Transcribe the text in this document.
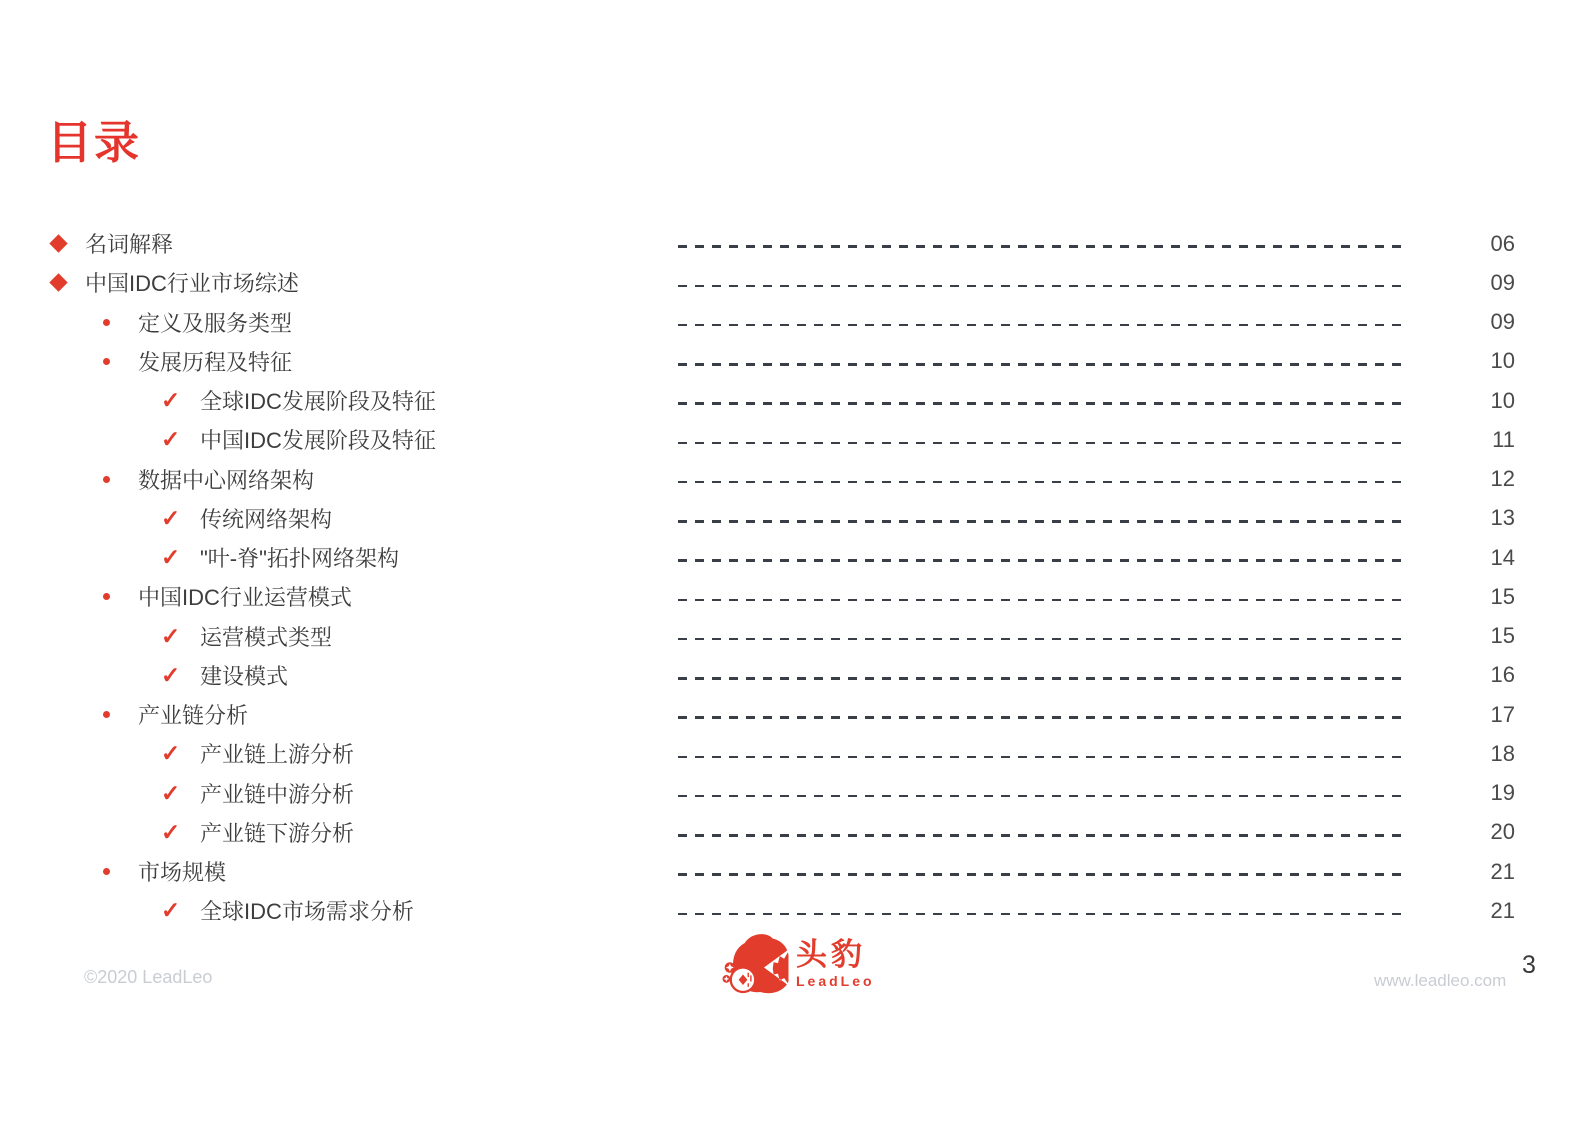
目录
名词解释	06
中国IDC行业市场综述	09
定义及服务类型	09
发展历程及特征	10
✓ 全球IDC发展阶段及特征	10
✓ 中国IDC发展阶段及特征	11
数据中心网络架构	12
✓ 传统网络架构	13
✓ "叶-脊"拓扑网络架构	14
中国IDC行业运营模式	15
✓ 运营模式类型	15
✓ 建设模式	16
产业链分析	17
✓ 产业链上游分析	18
✓ 产业链中游分析	19
✓ 产业链下游分析	20
市场规模	21
✓ 全球IDC市场需求分析	21
©2020 LeadLeo
头豹
LeadLeo	www.leadleo.com
3
